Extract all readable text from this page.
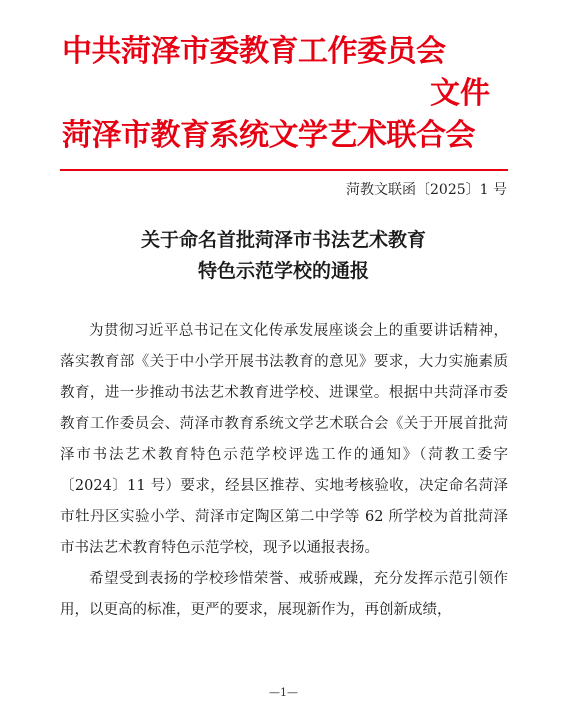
中共菏泽市委教育工作委员会
文件
菏泽市教育系统文学艺术联合会
菏教文联函〔2025〕1 号
关于命名首批菏泽市书法艺术教育
特色示范学校的通报

为贯彻习近平总书记在文化传承发展座谈会上的重要讲话精神，落实教育部《关于中小学开展书法教育的意见》要求，大力实施素质教育，进一步推动书法艺术教育进学校、进课堂。根据中共菏泽市委教育工作委员会、菏泽市教育系统文学艺术联合会《关于开展首批菏泽市书法艺术教育特色示范学校评选工作的通知》（菏教工委字〔2024〕11 号）要求，经县区推荐、实地考核验收，决定命名菏泽市牡丹区实验小学、菏泽市定陶区第二中学等 62 所学校为首批菏泽市书法艺术教育特色示范学校，现予以通报表扬。

希望受到表扬的学校珍惜荣誉、戒骄戒躁，充分发挥示范引领作用，以更高的标准，更严的要求，展现新作为，再创新成绩，

—1—
